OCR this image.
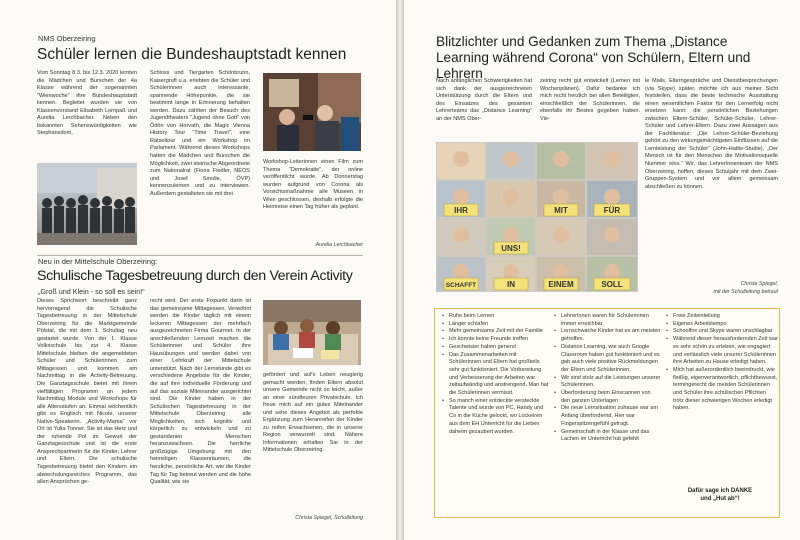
NMS Oberzeiring
Schüler lernen die Bundeshauptstadt kennen

Vom Sonntag 8.3. bis 12.3. 2020 lernten die Mädchen und Burschen der 4a Klasse während der sogenannten "Wienwoche" ihre Bundeshauptstadt kennen. Begleitet wurden sie von Klassenvorstand Elisabeth Lernpaß und Aurelia Lerchbacher. Neben den bekannten Sehenswürdigkeiten wie Stephansdom,

Schloss und Tiergarten Schönbrunn, Kaisergruft u.a. erlebten die Schüler und Schülerinnen auch interessante, spannende Höhepunkte, die sie bestimmt lange in Erinnerung behalten werden. Dazu zählten der Besuch des Jugendtheaters "Jugend ohne Gott" von Ödön von Horvath, die Magic Vienna History Tour "Time Travel", eine Rätseltour und ein Workshop im Parlament. Während dieses Workshops hatten die Mädchen und Burschen die Möglichkeit, zwei steirische Abgeordnete zum Nationalrat (Fiona Fiedler, NEOS und Josef Smolle, ÖVP) kennenzulernen und zu interviewen. Außerdem gestalteten sie mit drei

Workshop-Leiterinnen einen Film zum Thema "Demokratie", der online veröffentlicht wurde. Ab Donnerstag wurden aufgrund von Corona als Vorsichtsmaßnahme alle Museen in Wien geschlossen, deshalb erfolgte die Heimreise einen Tag früher als geplant.

Aurelia Lerchbacher
Neu in der Mittelschule Oberzeiring:
Schulische Tagesbetreuung durch den Verein Activity
„Groß und Klein - so soll es sein!“

Dieses Sprichwort beschreibt ganz hervorragend die Schulische Tagesbetreuung in der Mittelschule Oberzeiring für die Marktgemeinde Pölstal, die mit dem 1. Schultag neu gestartet wurde. Von der 1. Klasse Volksschule bis zur 4. Klasse Mittelschule bleiben die angemeldeten Schüler und Schülerinnen zum Mittagessen und kommen am Nachmittag in die Activity-Betreuung. Die Ganztagsschule bietet mit ihrem vielfältigen Programm an jedem Nachmittag Module und Workshops für alle Altersstufen an. Einmal wöchentlich gibt es Englisch mit Nicole, unserer Native-Speakerin. „Activity-Mama“ vor Ort ist Yulia Tonner. Sie ist das Herz und der ruhende Pol im Gewurl der Ganztagesschule und ist die erste Ansprechpartnerin für die Kinder, Lehrer und Eltern. Die schulische Tagesbetreuung bietet den Kindern ein abwechslungsreiches Programm, das allen Ansprüchen ge-

recht wird. Der erste Fixpunkt darin ist das gemeinsame Mittagessen. Verwöhnt werden die Kinder täglich mit einem leckeren Mittagessen der mehrfach ausgezeichneten Firma Gourmet. In der anschließenden Lernzeit machen die Schülerinnen und Schüler ihre Hausübungen und werden dabei von einer Lehrkraft der Mittelschule unterstützt. Nach der Lernstunde gibt es verschiedene Angebote für die Kinder, die auf ihre individuelle Förderung und auf das soziale Miteinander ausgerichtet sind. Die Kinder haben in der Schulischen Tagesbetreuung in der Mittelschule Oberzeiring alle Möglichkeiten, sich kognitiv und körperlich zu entwickeln und zu gestandenen Menschen heranzuwachsen. Die herrliche großzügige Umgebung mit den heimeligen Klassenräumen, die herzliche, persönliche Art, wie die Kinder Tag für Tag betreut werden und die hohe Qualität, wie sie

gefördert und auf's Leben neugierig gemacht werden, finden Eltern absolut unsere Gemeinde nicht so leicht, außer an einer sündteuren Privatschule. Ich freue mich auf ein gutes Miteinander und sehe dieses Angebot als perfekte Ergänzung zum Heranreifen der Kinder zu reifen Erwachsenen, die in unserer Region verwurzelt sind. Nähere Informationen erhalten Sie in der Mittelschule Oberzeiring.

Christa Spiegel, Schulleitung
Blitzlichter und Gedanken zum Thema „Distance Learning während Corona“ von Schülern, Eltern und Lehrern

Nach anfänglichen Schwierigkeiten hat sich dank der ausgezeichneten Unterstützung durch die Eltern und des Einsatzes des gesamten Lehrerteams das „Distance Learning“ an der NMS Ober-

zeiring recht gut entwickelt (Lernen mit Wochenplänen). Dafür bedanke ich mich recht herzlich bei allen Beteiligten, einschließlich der Schülerinnen, die ebenfalls ihr Bestes gegeben haben. Vie-

le Mails, Elterngespräche und Dienstbesprechungen (via Skype) später, möchte ich aus meiner Sicht feststellen, dass die beste technische Ausstattung einen wesentlichen Faktor für den Lernerfolg nicht ersetzen kann: die persönlichen Beziehungen zwischen Eltern-Schüler, Schüler-Schüler, Lehrer-Schüler und Lehrer-Eltern. Dazu zwei Aussagen aus der Fachliteratur: „Die Lehrer-Schüler-Beziehung gehört zu den wirkungsmächtigsten Einflüssen auf die Lernleistung der Schüler“ (John-Hattie-Studie). „Der Mensch ist für den Menschen die Motivationsquelle Nummer eins.“ Wir, das LehrerInnenteam der NMS Oberzeiring, hoffen, dieses Schuljahr mit dem Zwei-Gruppen-System und vor allem gemeinsam abschließen zu können.

Christa Spiegel,
mit der Schulleitung betraut
IHR	MIT	FÜR
UNS!
SCHAFFT	IN	EINEM	SOLL
• Ruhe beim Lernen
• Länger schlafen
• Mehr gemeinsame Zeit mit der Familie
• Ich konnte keine Freunde treffen
• Geschwister haben genervt
• Das Zusammenarbeiten mit Schülerinnen und Eltern hat großteils sehr gut funktioniert. Die Vorbereitung und Verbesserung der Arbeiten war zeitaufwändig und anstrengend. Man hat die Schülerinnen vermisst.
• So manch einer entdeckte versteckte Talente und wurde von PC, Handy und Co in die Küche gelockt, wo Lockeiren aus dem EH Unterricht für die Lieben daheim gezaubert wurden.
• LehrerInnen waren für Schülerinnen immer erreichbar.
• Lernschwache Kinder hat es am meisten getroffen.
• Distance Learning, wie auch Google Classroom haben gut funktioniert und es gab auch viele positive Rückmeldungen der Eltern und Schülerinnen.
• Wir sind stolz auf die Leistungen unserer Schülerinnen.
• Überforderung beim Einscannen von den ganzen Unterlagen
• Die neue Lernsituation zuhause war am Anfang überfordernd. Hier war Fingerspitzengefühl gefragt.
• Gemeinschaft in der Klasse und das Lachen im Unterricht hat gefehlt
• Freie Zeiteinteilung
• Eigenes Arbeitstempo
• Schoolfox und Skype waren unschlagbar
• Während dieser herausfordernden Zeit war es sehr schön zu erleben, wie engagiert und verlässlich viele unserer Schülerinnen ihre Arbeiten zu Hause erledigt haben.
• Mich hat außerordentlich beeindruckt, wie fleißig, eigenverantwortlich, pflichtbewusst, termingerecht die meisten Schülerinnen und Schüler ihre schulischen Pflichten trotz dieser schwierigen Wochen erledigt haben.
Dafür sage ich DANKE
und „Hut ab“!
